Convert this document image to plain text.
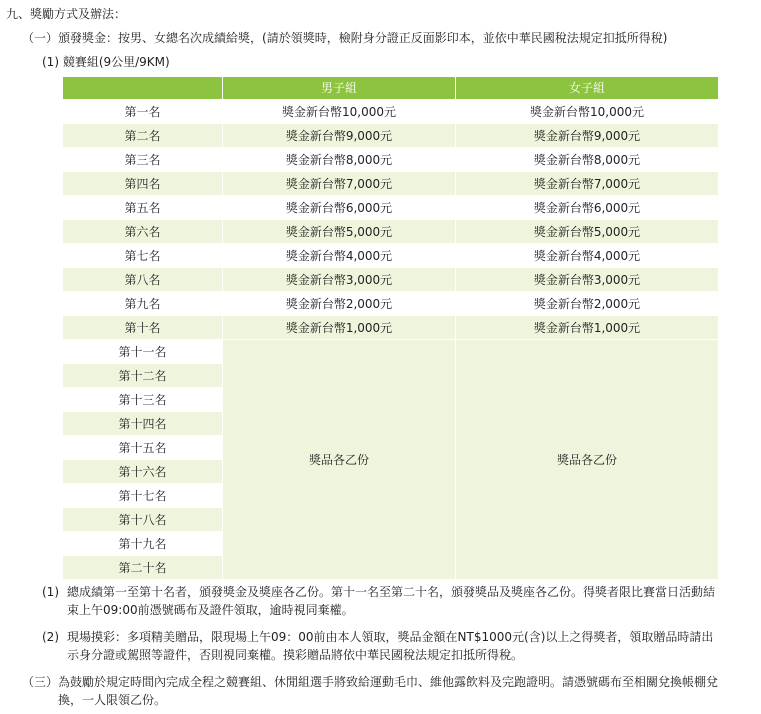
九、獎勵方式及辦法：
（一）頒發獎金：按男、女總名次成績給獎，(請於領獎時，檢附身分證正反面影印本，並依中華民國稅法規定扣抵所得稅)
(1) 競賽組(9公里/9KM)
	男子組	女子組
第一名	獎金新台幣10,000元	獎金新台幣10,000元
第二名	獎金新台幣9,000元	獎金新台幣9,000元
第三名	獎金新台幣8,000元	獎金新台幣8,000元
第四名	獎金新台幣7,000元	獎金新台幣7,000元
第五名	獎金新台幣6,000元	獎金新台幣6,000元
第六名	獎金新台幣5,000元	獎金新台幣5,000元
第七名	獎金新台幣4,000元	獎金新台幣4,000元
第八名	獎金新台幣3,000元	獎金新台幣3,000元
第九名	獎金新台幣2,000元	獎金新台幣2,000元
第十名	獎金新台幣1,000元	獎金新台幣1,000元
第十一名	獎品各乙份	獎品各乙份
第十二名		
第十三名		
第十四名		
第十五名		
第十六名		
第十七名		
第十八名		
第十九名		
第二十名		
(1) 總成績第一至第十名者，頒發獎金及獎座各乙份。第十一名至第二十名，頒發獎品及獎座各乙份。得獎者限比賽當日活動結束上午09:00前憑號碼布及證件領取，逾時視同棄權。
(2) 現場摸彩：多項精美贈品，限現場上午09：00前由本人領取，獎品金額在NT$1000元(含)以上之得獎者，領取贈品時請出示身分證或駕照等證件，否則視同棄權。摸彩贈品將依中華民國稅法規定扣抵所得稅。
（三） 為鼓勵於規定時間內完成全程之競賽組、休閒組選手將致給運動毛巾、維他露飲料及完跑證明。請憑號碼布至相關兌換帳棚兌換，一人限領乙份。
